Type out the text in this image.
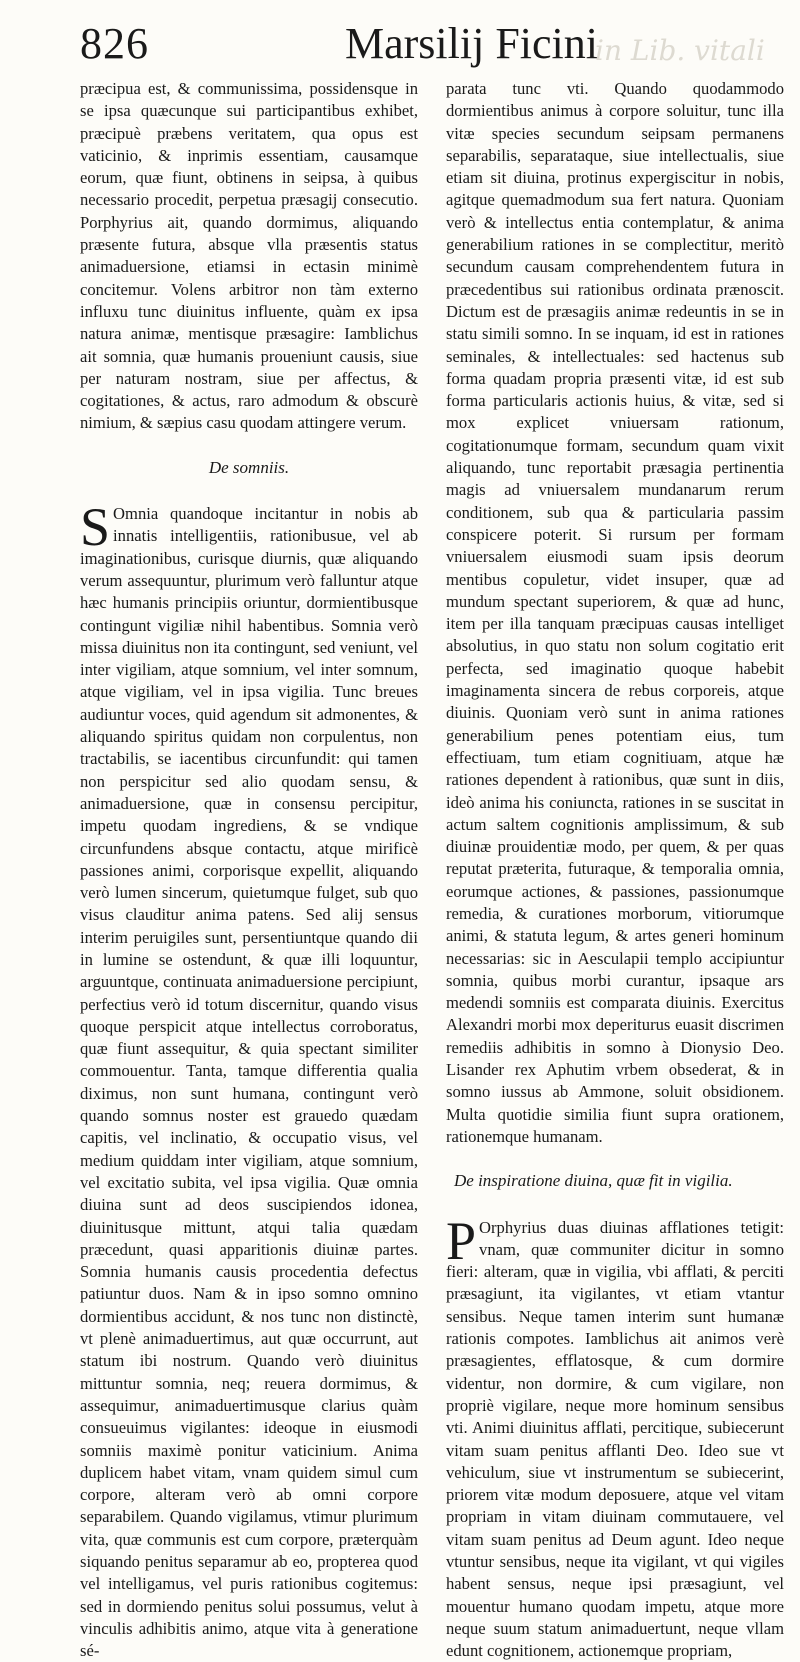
826	Marsilij Ficini
in Lib. vitali

præcipua est, & communissima, possidensque in se ipsa quæcunque sui participantibus exhibet, præcipuè præbens veritatem, qua opus est vaticinio, & inprimis essentiam, causamque eorum, quæ fiunt, obtinens in seipsa, à quibus necessario procedit, perpetua præsagij consecutio. Porphyrius ait, quando dormimus, aliquando præsente futura, absque vlla præsentis status animaduersione, etiamsi in ectasin minimè concitemur. Volens arbitror non tàm externo influxu tunc diuinitus influente, quàm ex ipsa natura animæ, mentisque præsagire: Iamblichus ait somnia, quæ humanis proueniunt causis, siue per naturam nostram, siue per affectus, & cogitationes, & actus, raro admodum & obscurè nimium, & sæpius casu quodam attingere verum.

De somniis.

S Omnia quandoque incitantur in nobis ab innatis intelligentiis, rationibusue, vel ab imaginationibus, curisque diurnis, quæ aliquando verum assequuntur, plurimum verò falluntur atque hæc humanis principiis oriuntur, dormientibusque contingunt vigiliæ nihil habentibus. Somnia verò missa diuinitus non ita contingunt, sed veniunt, vel inter vigiliam, atque somnium, vel inter somnum, atque vigiliam, vel in ipsa vigilia. Tunc breues audiuntur voces, quid agendum sit admonentes, & aliquando spiritus quidam non corpulentus, non tractabilis, se iacentibus circunfundit: qui tamen non perspicitur sed alio quodam sensu, & animaduersione, quæ in consensu percipitur, impetu quodam ingrediens, & se vndique circunfundens absque contactu, atque mirificè passiones animi, corporisque expellit, aliquando verò lumen sincerum, quietumque fulget, sub quo visus clauditur anima patens. Sed alij sensus interim peruigiles sunt, persentiuntque quando dii in lumine se ostendunt, & quæ illi loquuntur, arguuntque, continuata animaduersione percipiunt, perfectius verò id totum discernitur, quando visus quoque perspicit atque intellectus corroboratus, quæ fiunt assequitur, & quia spectant similiter commouentur. Tanta, tamque differentia qualia diximus, non sunt humana, contingunt verò quando somnus noster est grauedo quædam capitis, vel inclinatio, & occupatio visus, vel medium quiddam inter vigiliam, atque somnium, vel excitatio subita, vel ipsa vigilia. Quæ omnia diuina sunt ad deos suscipiendos idonea, diuinitusque mittunt, atqui talia quædam præcedunt, quasi apparitionis diuinæ partes. Somnia humanis causis procedentia defectus patiuntur duos. Nam & in ipso somno omnino dormientibus accidunt, & nos tunc non distinctè, vt plenè animaduertimus, aut quæ occurrunt, aut statum ibi nostrum. Quando verò diuinitus mittuntur somnia, neq; reuera dormimus, & assequimur, animaduertimusque clarius quàm consueuimus vigilantes: ideoque in eiusmodi somniis maximè ponitur vaticinium. Anima duplicem habet vitam, vnam quidem simul cum corpore, alteram verò ab omni corpore separabilem. Quando vigilamus, vtimur plurimum vita, quæ communis est cum corpore, præterquàm siquando penitus separamur ab eo, propterea quod vel intelligamus, vel puris rationibus cogitemus: sed in dormiendo penitus solui possumus, velut à vinculis adhibitis animo, atque vita à generatione sé-

parata tunc vti. Quando quodammodo dormientibus animus à corpore soluitur, tunc illa vitæ species secundum seipsam permanens separabilis, separataque, siue intellectualis, siue etiam sit diuina, protinus expergiscitur in nobis, agitque quemadmodum sua fert natura. Quoniam verò & intellectus entia contemplatur, & anima generabilium rationes in se complectitur, meritò secundum causam comprehendentem futura in præcedentibus sui rationibus ordinata prænoscit. Dictum est de præsagiis animæ redeuntis in se in statu simili somno. In se inquam, id est in rationes seminales, & intellectuales: sed hactenus sub forma quadam propria præsenti vitæ, id est sub forma particularis actionis huius, & vitæ, sed si mox explicet vniuersam rationum, cogitationumque formam, secundum quam vixit aliquando, tunc reportabit præsagia pertinentia magis ad vniuersalem mundanarum rerum conditionem, sub qua & particularia passim conspicere poterit. Si rursum per formam vniuersalem eiusmodi suam ipsis deorum mentibus copuletur, videt insuper, quæ ad mundum spectant superiorem, & quæ ad hunc, item per illa tanquam præcipuas causas intelliget absolutius, in quo statu non solum cogitatio erit perfecta, sed imaginatio quoque habebit imaginamenta sincera de rebus corporeis, atque diuinis. Quoniam verò sunt in anima rationes generabilium penes potentiam eius, tum effectiuam, tum etiam cognitiuam, atque hæ rationes dependent à rationibus, quæ sunt in diis, ideò anima his coniuncta, rationes in se suscitat in actum saltem cognitionis amplissimum, & sub diuinæ prouidentiæ modo, per quem, & per quas reputat præterita, futuraque, & temporalia omnia, eorumque actiones, & passiones, passionumque remedia, & curationes morborum, vitiorumque animi, & statuta legum, & artes generi hominum necessarias: sic in Aesculapii templo accipiuntur somnia, quibus morbi curantur, ipsaque ars medendi somniis est comparata diuinis. Exercitus Alexandri morbi mox deperiturus euasit discrimen remediis adhibitis in somno à Dionysio Deo. Lisander rex Aphutim vrbem obsederat, & in somno iussus ab Ammone, soluit obsidionem. Multa quotidie similia fiunt supra orationem, rationemque humanam.

De inspiratione diuina, quæ fit in vigilia.

P Orphyrius duas diuinas afflationes tetigit: vnam, quæ communiter dicitur in somno fieri: alteram, quæ in vigilia, vbi afflati, & perciti præsagiunt, ita vigilantes, vt etiam vtantur sensibus. Neque tamen interim sunt humanæ rationis compotes. Iamblichus ait animos verè præsagientes, efflatosque, & cum dormire videntur, non dormire, & cum vigilare, non propriè vigilare, neque more hominum sensibus vti. Animi diuinitus afflati, percitique, subiecerunt vitam suam penitus afflanti Deo. Ideo sue vt vehiculum, siue vt instrumentum se subiecerint, priorem vitæ modum deposuere, atque vel vitam propriam in vitam diuinam commutauere, vel vitam suam penitus ad Deum agunt. Ideo neque vtuntur sensibus, neque ita vigilant, vt qui vigiles habent sensus, neque ipsi præsagiunt, vel mouentur humano quodam impetu, atque more neque suum statum animaduertunt, neque vllam edunt cognitionem, actionemque propriam,
